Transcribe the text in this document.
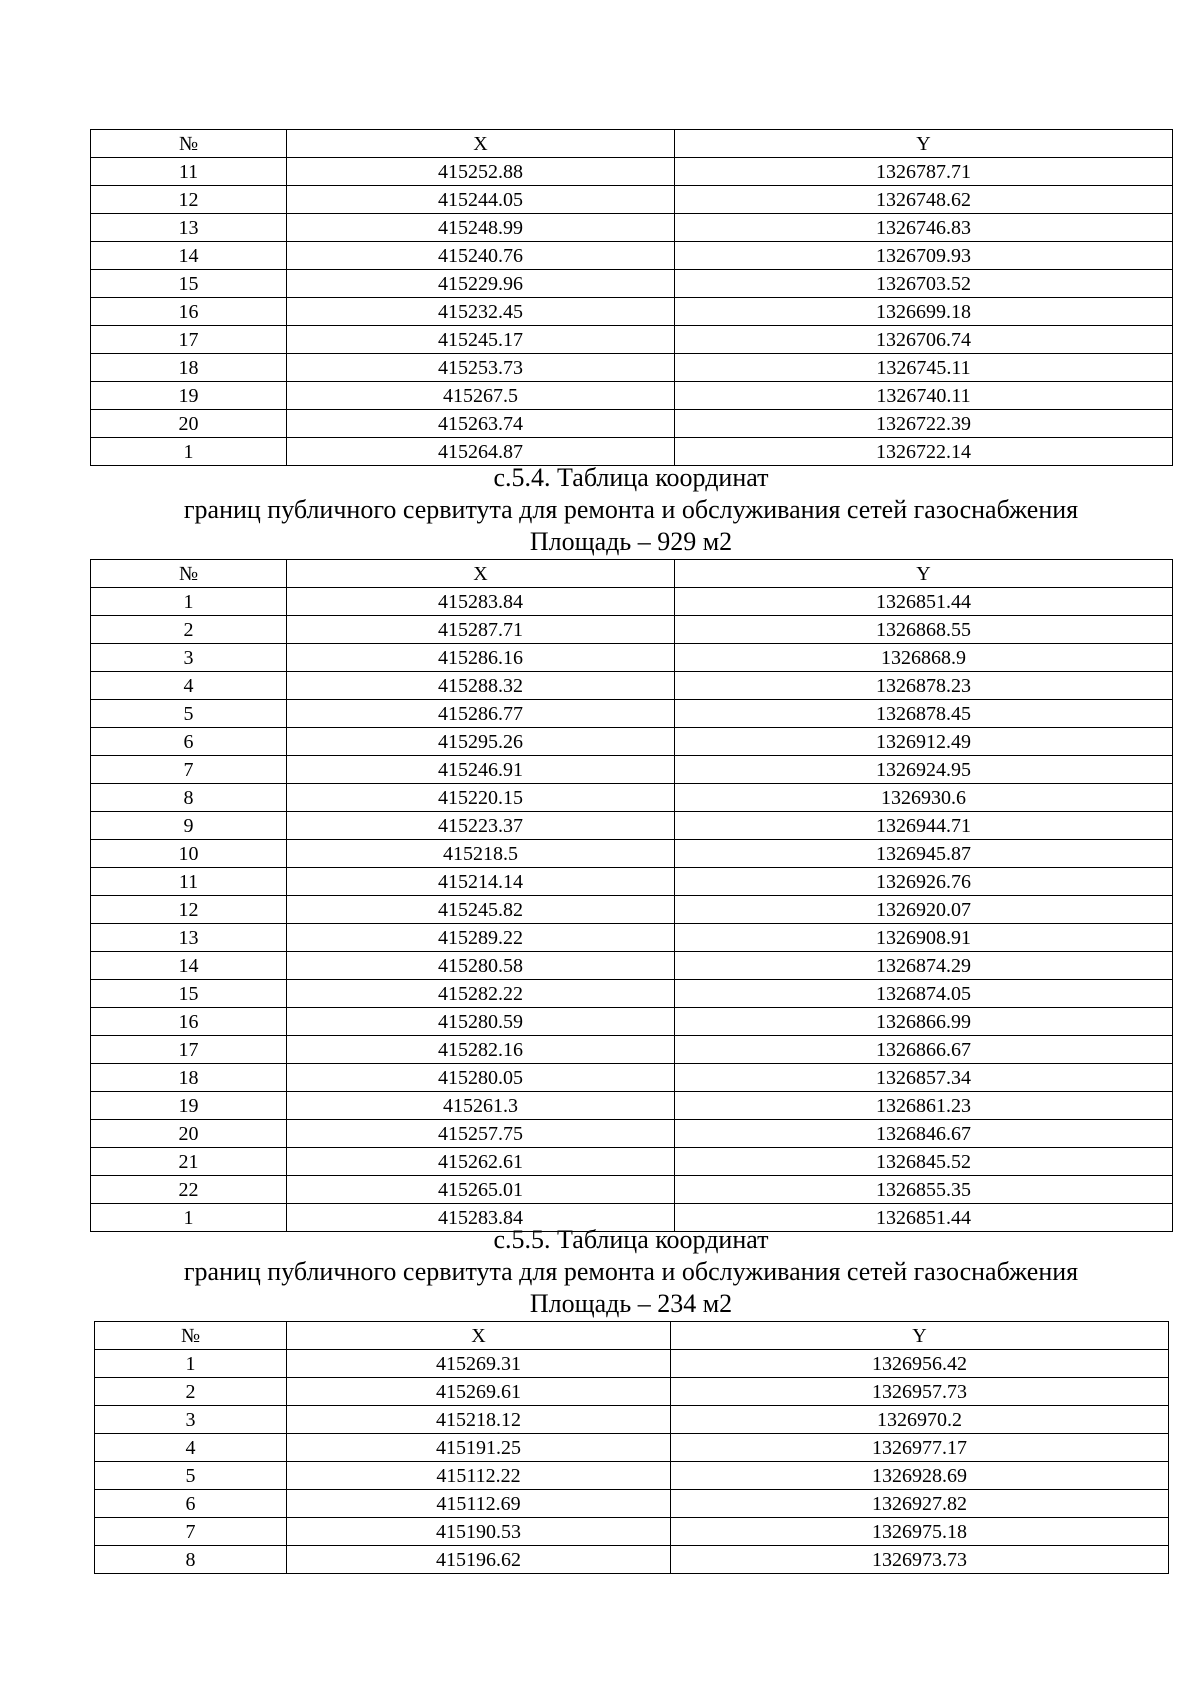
№	X	Y
11	415252.88	1326787.71
12	415244.05	1326748.62
13	415248.99	1326746.83
14	415240.76	1326709.93
15	415229.96	1326703.52
16	415232.45	1326699.18
17	415245.17	1326706.74
18	415253.73	1326745.11
19	415267.5	1326740.11
20	415263.74	1326722.39
1	415264.87	1326722.14
с.5.4. Таблица координат
границ публичного сервитута для ремонта и обслуживания сетей газоснабжения
Площадь – 929 м2
№	X	Y
1	415283.84	1326851.44
2	415287.71	1326868.55
3	415286.16	1326868.9
4	415288.32	1326878.23
5	415286.77	1326878.45
6	415295.26	1326912.49
7	415246.91	1326924.95
8	415220.15	1326930.6
9	415223.37	1326944.71
10	415218.5	1326945.87
11	415214.14	1326926.76
12	415245.82	1326920.07
13	415289.22	1326908.91
14	415280.58	1326874.29
15	415282.22	1326874.05
16	415280.59	1326866.99
17	415282.16	1326866.67
18	415280.05	1326857.34
19	415261.3	1326861.23
20	415257.75	1326846.67
21	415262.61	1326845.52
22	415265.01	1326855.35
1	415283.84	1326851.44
с.5.5. Таблица координат
границ публичного сервитута для ремонта и обслуживания сетей газоснабжения
Площадь – 234 м2
№	X	Y
1	415269.31	1326956.42
2	415269.61	1326957.73
3	415218.12	1326970.2
4	415191.25	1326977.17
5	415112.22	1326928.69
6	415112.69	1326927.82
7	415190.53	1326975.18
8	415196.62	1326973.73
